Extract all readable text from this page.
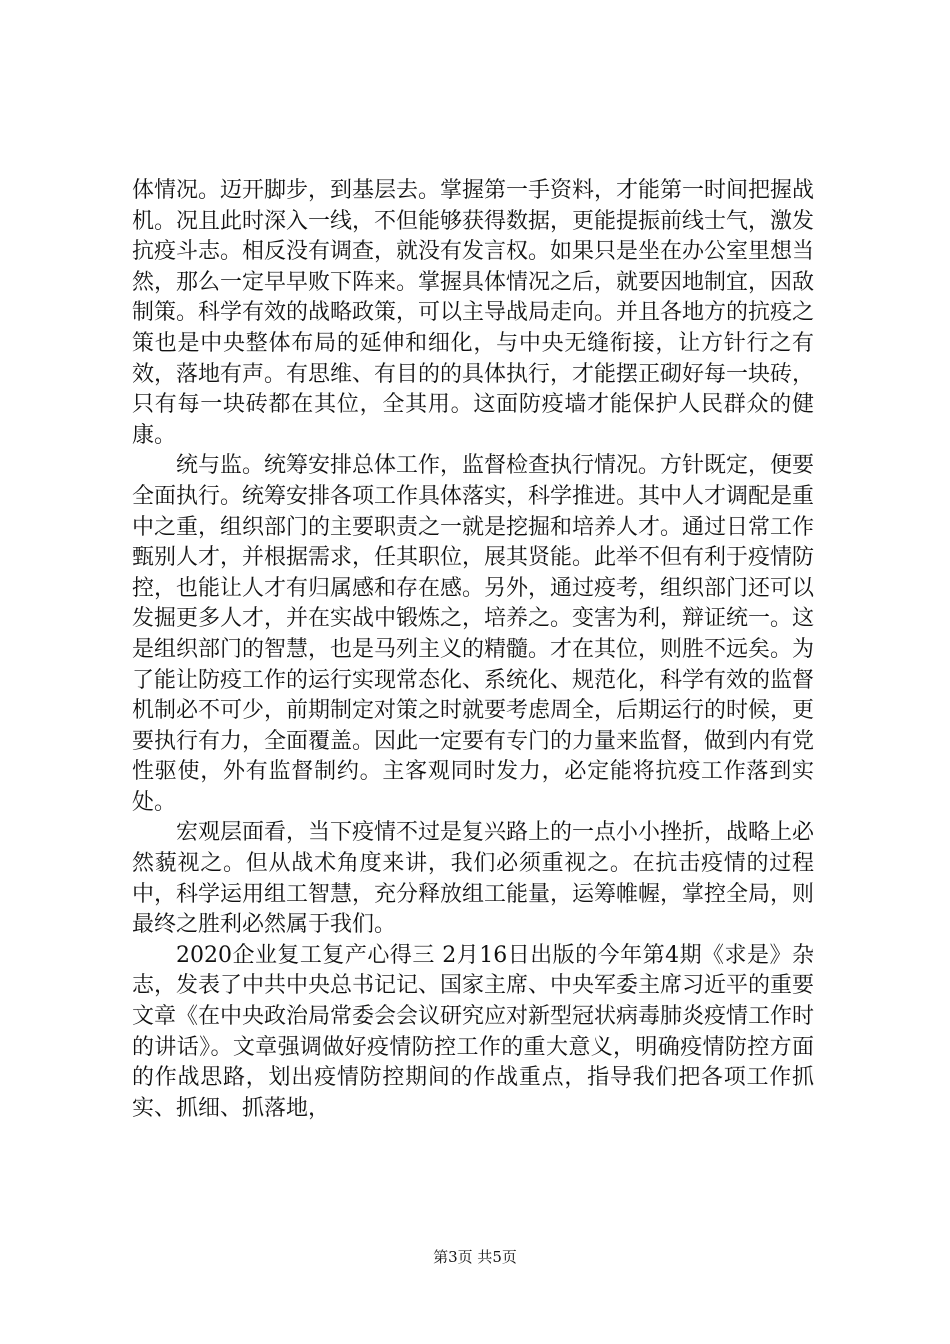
体情况。迈开脚步，到基层去。掌握第一手资料，才能第一时间把握战机。况且此时深入一线，不但能够获得数据，更能提振前线士气，激发抗疫斗志。相反没有调查，就没有发言权。如果只是坐在办公室里想当然，那么一定早早败下阵来。掌握具体情况之后，就要因地制宜，因敌制策。科学有效的战略政策，可以主导战局走向。并且各地方的抗疫之策也是中央整体布局的延伸和细化，与中央无缝衔接，让方针行之有效，落地有声。有思维、有目的的具体执行，才能摆正砌好每一块砖，只有每一块砖都在其位，全其用。这面防疫墙才能保护人民群众的健康。

统与监。统筹安排总体工作，监督检查执行情况。方针既定，便要全面执行。统筹安排各项工作具体落实，科学推进。其中人才调配是重中之重，组织部门的主要职责之一就是挖掘和培养人才。通过日常工作甄别人才，并根据需求，任其职位，展其贤能。此举不但有利于疫情防控，也能让人才有归属感和存在感。另外，通过疫考，组织部门还可以发掘更多人才，并在实战中锻炼之，培养之。变害为利，辩证统一。这是组织部门的智慧，也是马列主义的精髓。才在其位，则胜不远矣。为了能让防疫工作的运行实现常态化、系统化、规范化，科学有效的监督机制必不可少，前期制定对策之时就要考虑周全，后期运行的时候，更要执行有力，全面覆盖。因此一定要有专门的力量来监督，做到内有党性驱使，外有监督制约。主客观同时发力，必定能将抗疫工作落到实处。

宏观层面看，当下疫情不过是复兴路上的一点小小挫折，战略上必然藐视之。但从战术角度来讲，我们必须重视之。在抗击疫情的过程中，科学运用组工智慧，充分释放组工能量，运筹帷幄，掌控全局，则最终之胜利必然属于我们。

2020企业复工复产心得三 2月16日出版的今年第4期《求是》杂志，发表了中共中央总书记记、国家主席、中央军委主席习近平的重要文章《在中央政治局常委会会议研究应对新型冠状病毒肺炎疫情工作时的讲话》。文章强调做好疫情防控工作的重大意义，明确疫情防控方面的作战思路，划出疫情防控期间的作战重点，指导我们把各项工作抓实、抓细、抓落地，

第3页 共5页
